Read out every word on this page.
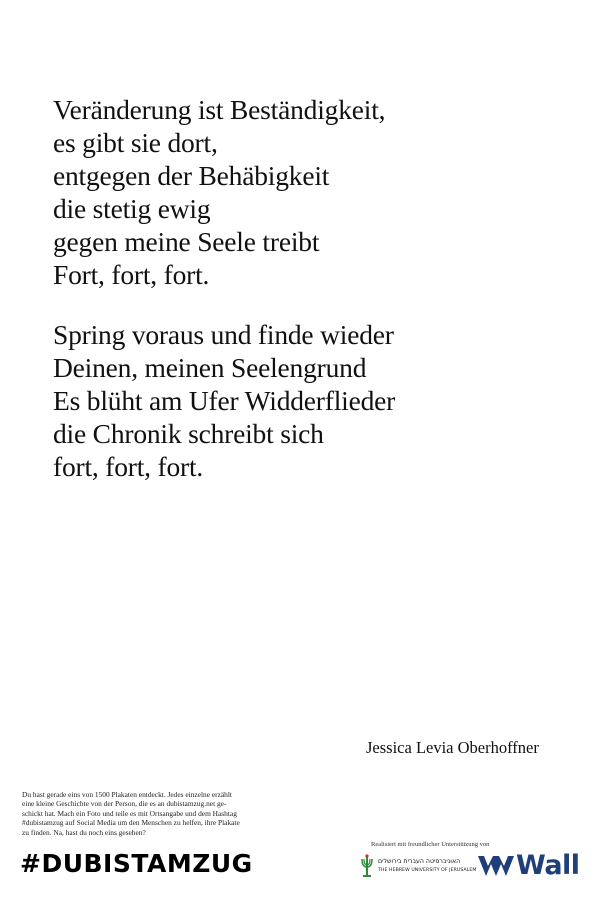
Veränderung ist Beständigkeit,
es gibt sie dort,
entgegen der Behäbigkeit
die stetig ewig
gegen meine Seele treibt
Fort, fort, fort.
Spring voraus und finde wieder
Deinen, meinen Seelengrund
Es blüht am Ufer Widderflieder
die Chronik schreibt sich
fort, fort, fort.
Jessica Levia Oberhoffner
Du hast gerade eins von 1500 Plakaten entdeckt. Jedes einzelne erzählt
eine kleine Geschichte von der Person, die es an dubistamzug.net ge-
schickt hat. Mach ein Foto und teile es mit Ortsangabe und dem Hashtag
#dubistamzug auf Social Media um den Menschen zu helfen, ihre Plakate
zu finden. Na, hast du noch eins gesehen?
#DUBISTAMZUG
Realisiert mit freundlicher Unterstützung von
האוניברסיטה העברית בירושלים
THE HEBREW UNIVERSITY OF JERUSALEM Wall
